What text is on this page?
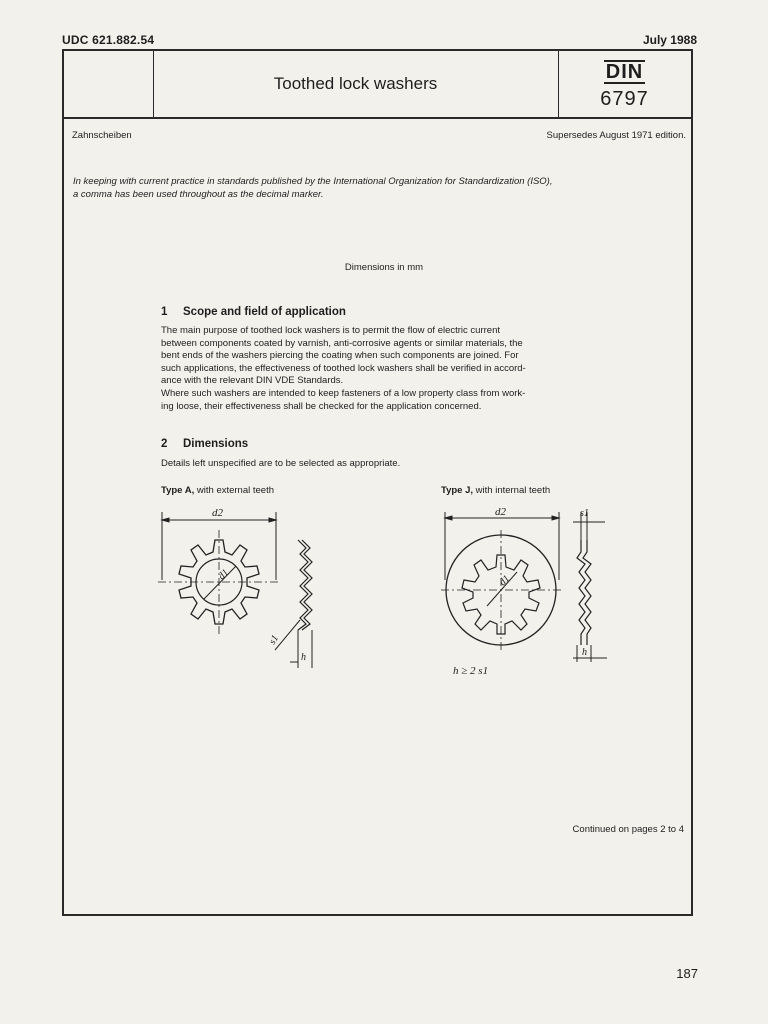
UDC 621.882.54	July 1988
Toothed lock washers
DIN
6797
Zahnscheiben	Supersedes August 1971 edition.
In keeping with current practice in standards published by the International Organization for Standardization (ISO),
a comma has been used throughout as the decimal marker.
Dimensions in mm
1 Scope and field of application
The main purpose of toothed lock washers is to permit the flow of electric current
between components coated by varnish, anti-corrosive agents or similar materials, the
bent ends of the washers piercing the coating when such components are joined. For
such applications, the effectiveness of toothed lock washers shall be verified in accord-
ance with the relevant DIN VDE Standards.
Where such washers are intended to keep fasteners of a low property class from work-
ing loose, their effectiveness shall be checked for the application concerned.
2 Dimensions
Details left unspecified are to be selected as appropriate.
Type A, with external teeth	Type J, with internal teeth
d2
d1
s1
h
d2
d1
s1
h
h ≥ 2 s1
Continued on pages 2 to 4
187
